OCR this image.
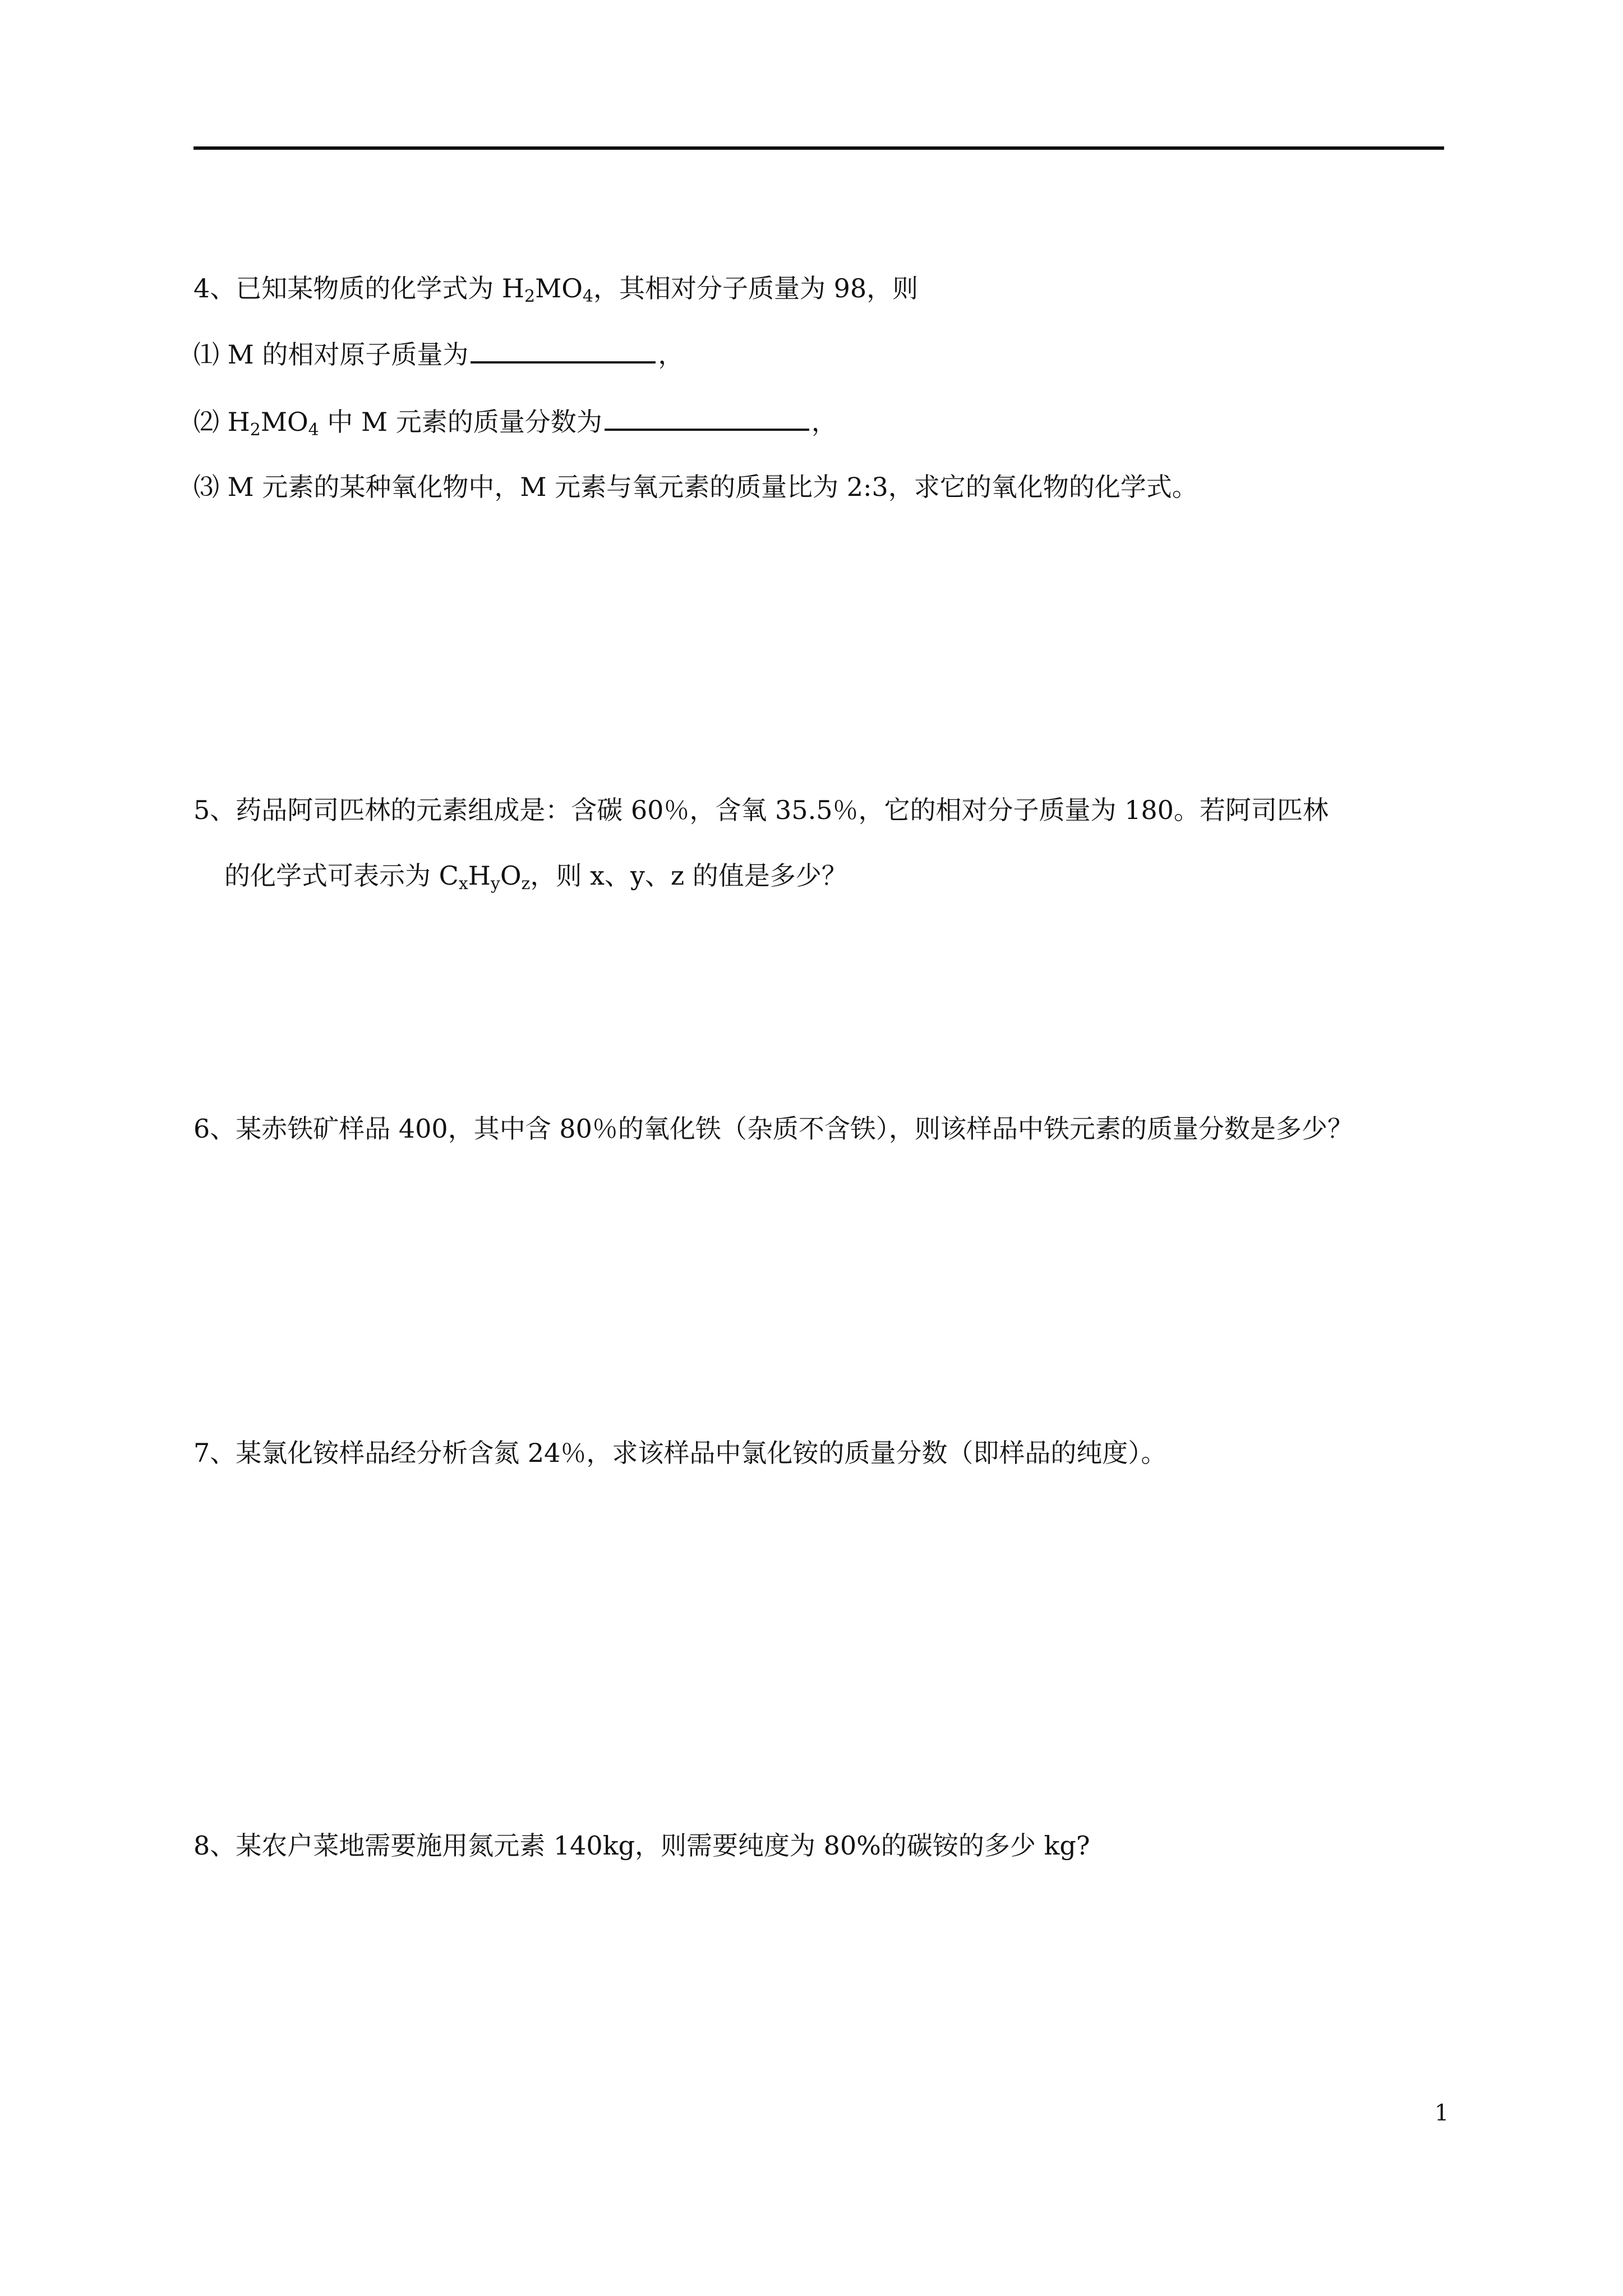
4、已知某物质的化学式为 $H_2MO_4$，其相对分子质量为 98，则
⑴ M 的相对原子质量为	，
⑵ $H_2MO_4$ 中 M 元素的质量分数为	，
⑶ M 元素的某种氧化物中，M 元素与氧元素的质量比为 2:3，求它的氧化物的化学式。
5、药品阿司匹林的元素组成是：含碳 60％，含氧 35.5％，它的相对分子质量为 180。若阿司匹林
的化学式可表示为 $C_xH_yO_z$，则 x、y、z 的值是多少？
6、某赤铁矿样品 400，其中含 80％的氧化铁（杂质不含铁），则该样品中铁元素的质量分数是多少？
7、某氯化铵样品经分析含氮 24％，求该样品中氯化铵的质量分数（即样品的纯度）。
8、某农户菜地需要施用氮元素 140kg，则需要纯度为 80%的碳铵的多少 kg?
1
